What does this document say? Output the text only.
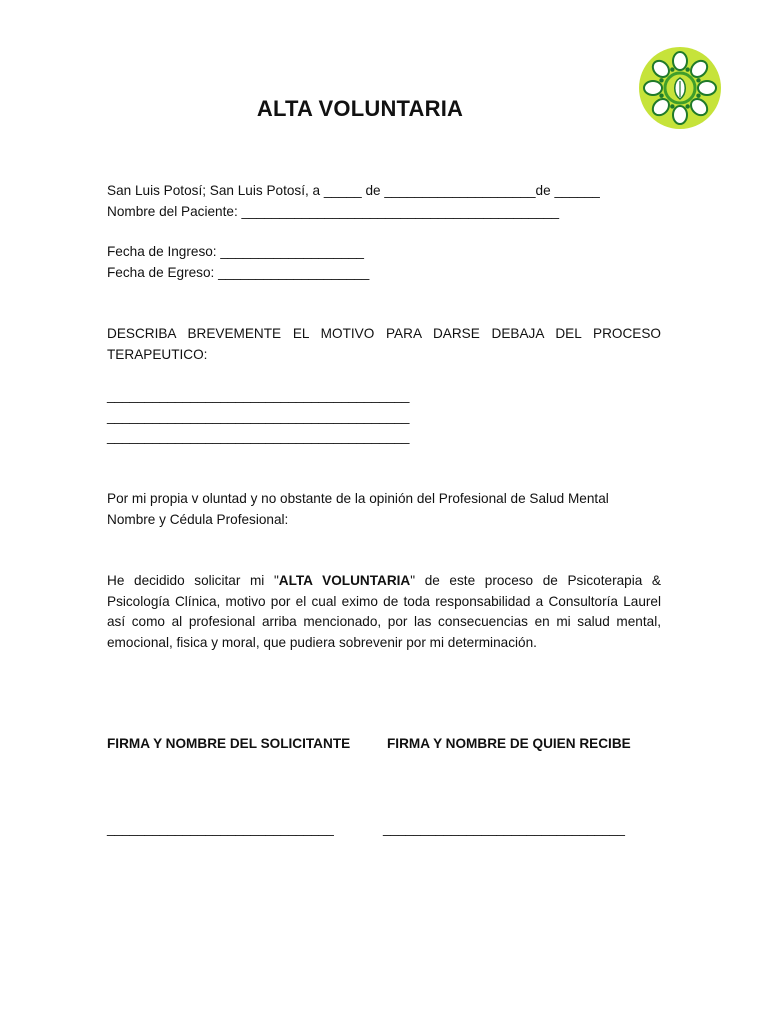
ALTA VOLUNTARIA
San Luis Potosí; San Luis Potosí, a _____ de ____________________de ______
Nombre del Paciente: __________________________________________
Fecha de Ingreso: ___________________
Fecha de Egreso: ____________________
DESCRIBA BREVEMENTE EL MOTIVO PARA DARSE DEBAJA DEL PROCESO TERAPEUTICO:
________________________________________
________________________________________
________________________________________
Por mi propia v oluntad y no obstante de la opinión del Profesional de Salud Mental
Nombre y Cédula Profesional:
He decidido solicitar mi "ALTA VOLUNTARIA" de este proceso de Psicoterapia & Psicología Clínica, motivo por el cual eximo de toda responsabilidad a Consultoría Laurel así como al profesional arriba mencionado, por las consecuencias en mi salud mental, emocional, fisica y moral, que pudiera sobrevenir por mi determinación.
FIRMA Y NOMBRE DEL SOLICITANTE	FIRMA Y NOMBRE DE QUIEN RECIBE
______________________________	________________________________
